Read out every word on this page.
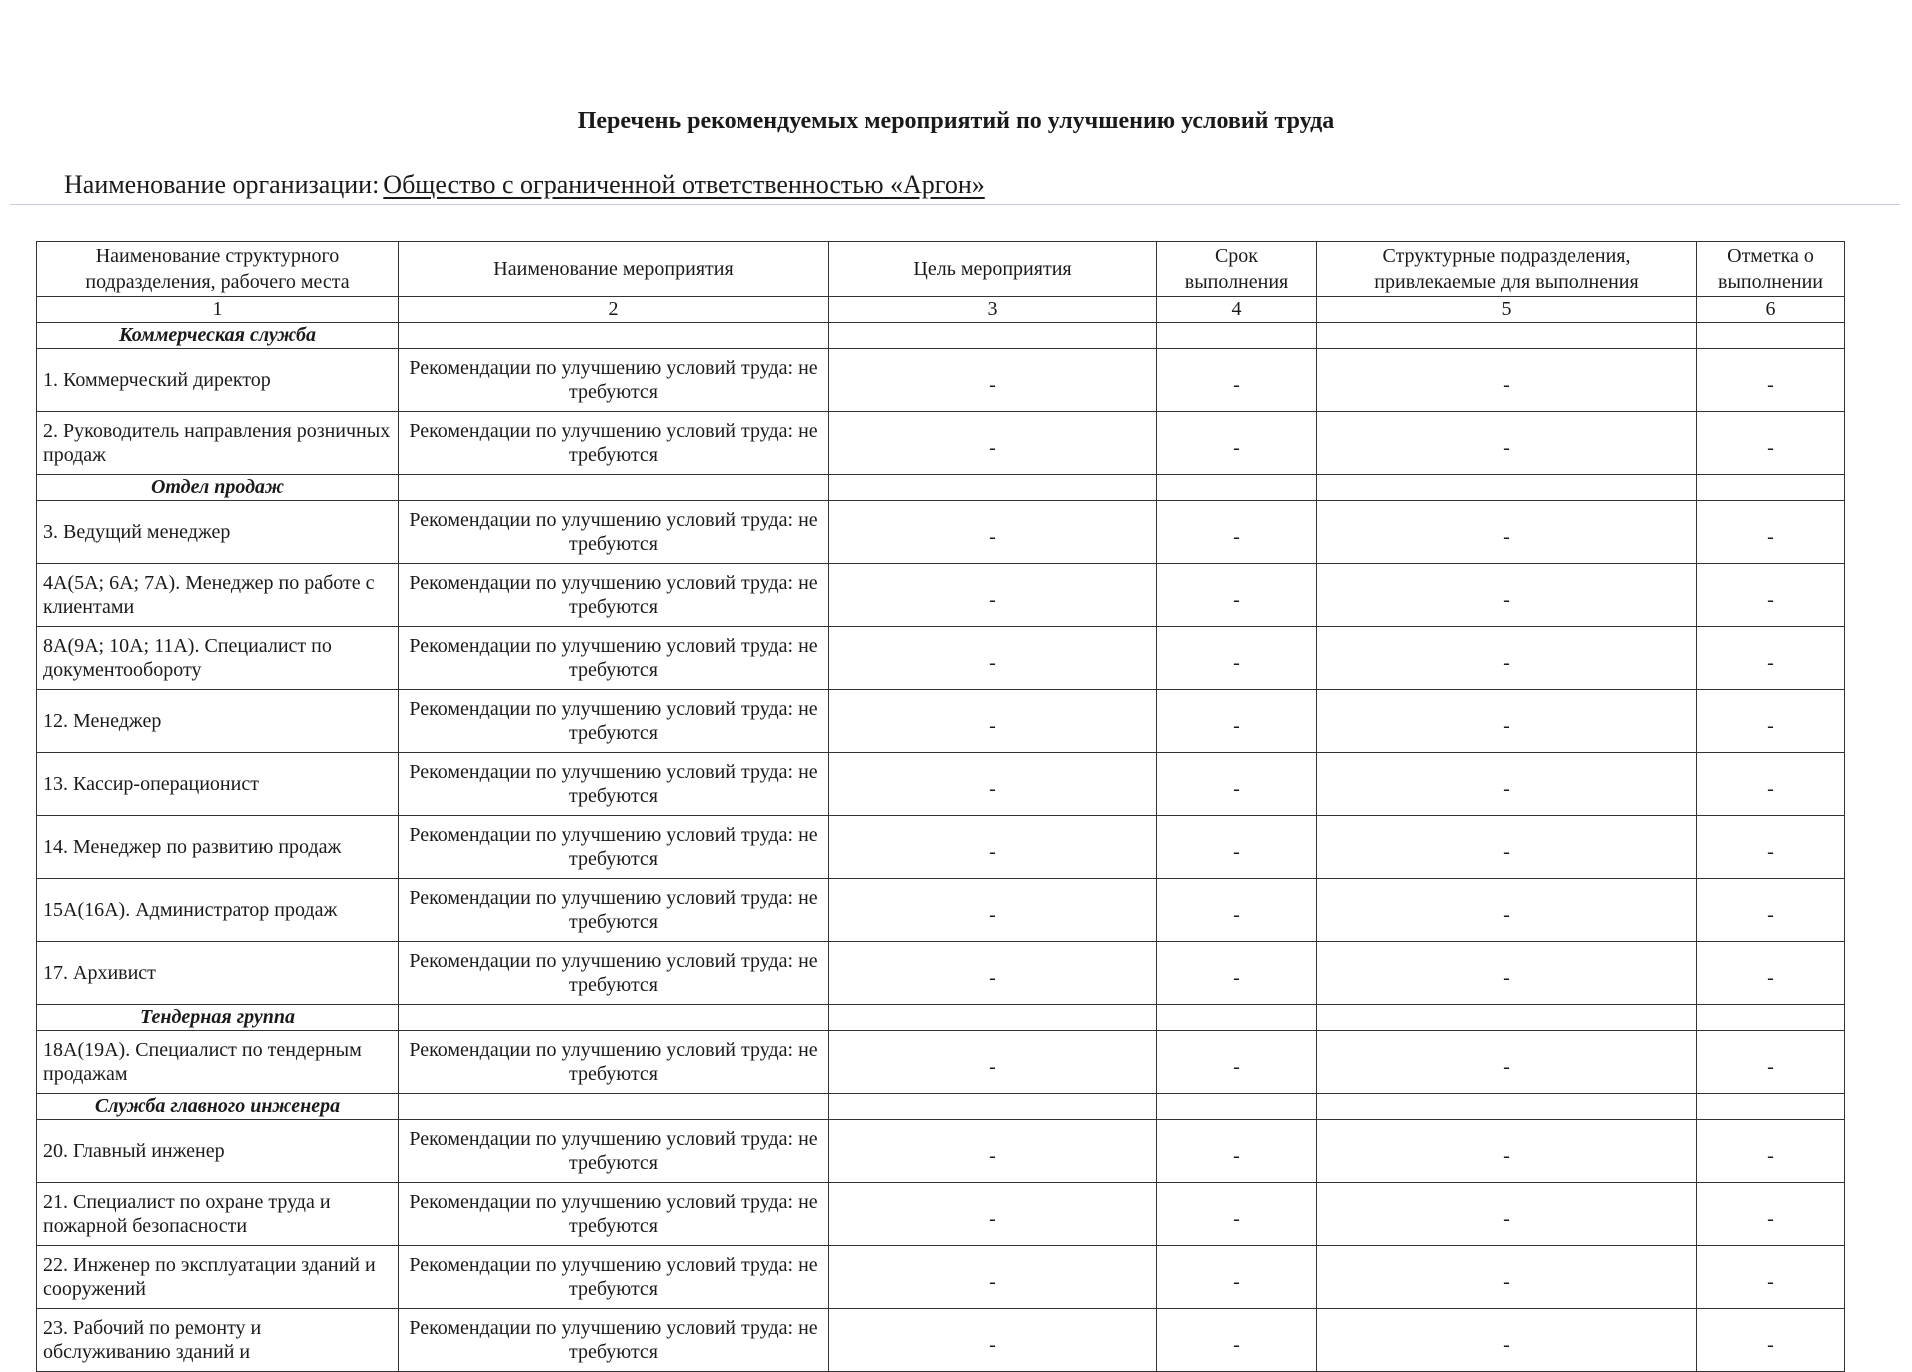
Перечень рекомендуемых мероприятий по улучшению условий труда
Наименование организации: Общество с ограниченной ответственностью «Аргон»
Наименование структурного подразделения, рабочего места	Наименование мероприятия	Цель мероприятия	Срок выполнения	Структурные подразделения, привлекаемые для выполнения	Отметка о выполнении
1	2	3	4	5	6
Коммерческая служба					
1. Коммерческий директор	Рекомендации по улучшению условий труда: не требуются	-	-	-	-
2. Руководитель направления розничных продаж	Рекомендации по улучшению условий труда: не требуются	-	-	-	-
Отдел продаж					
3. Ведущий менеджер	Рекомендации по улучшению условий труда: не требуются	-	-	-	-
4А(5А; 6А; 7А). Менеджер по работе с клиентами	Рекомендации по улучшению условий труда: не требуются	-	-	-	-
8А(9А; 10А; 11А). Специалист по документообороту	Рекомендации по улучшению условий труда: не требуются	-	-	-	-
12. Менеджер	Рекомендации по улучшению условий труда: не требуются	-	-	-	-
13. Кассир-операционист	Рекомендации по улучшению условий труда: не требуются	-	-	-	-
14. Менеджер по развитию продаж	Рекомендации по улучшению условий труда: не требуются	-	-	-	-
15А(16А). Администратор продаж	Рекомендации по улучшению условий труда: не требуются	-	-	-	-
17. Архивист	Рекомендации по улучшению условий труда: не требуются	-	-	-	-
Тендерная группа					
18А(19А). Специалист по тендерным продажам	Рекомендации по улучшению условий труда: не требуются	-	-	-	-
Служба главного инженера					
20. Главный инженер	Рекомендации по улучшению условий труда: не требуются	-	-	-	-
21. Специалист по охране труда и пожарной безопасности	Рекомендации по улучшению условий труда: не требуются	-	-	-	-
22. Инженер по эксплуатации зданий и сооружений	Рекомендации по улучшению условий труда: не требуются	-	-	-	-
23. Рабочий по ремонту и обслуживанию зданий и	Рекомендации по улучшению условий труда: не требуются	-	-	-	-
